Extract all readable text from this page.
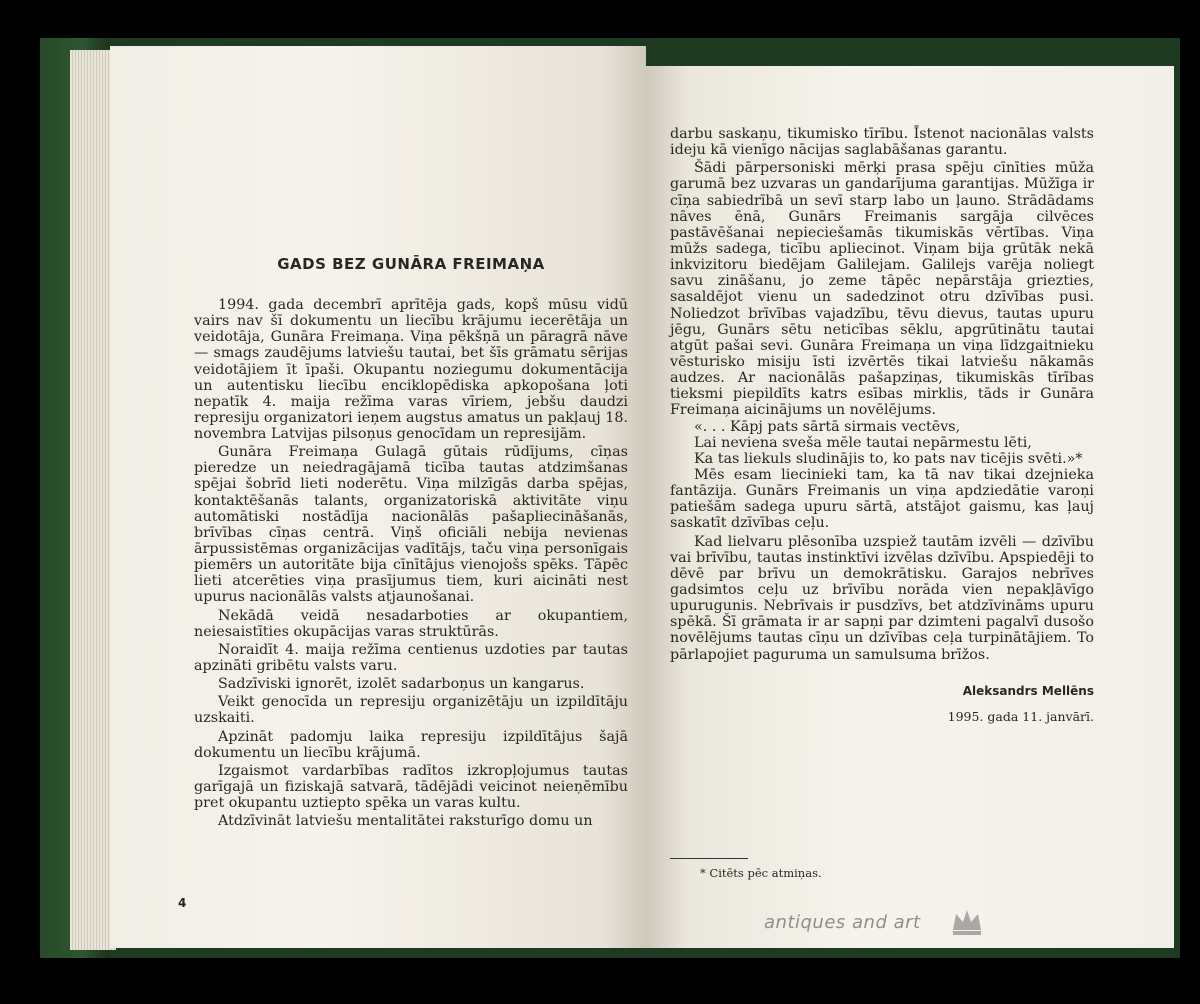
GADS BEZ GUNĀRA FREIMAŅA

1994. gada decembrī aprītēja gads, kopš mūsu vidū vairs nav šī dokumentu un liecību krājumu iecerētāja un veidotāja, Gunāra Freimaņa. Viņa pēkšņā un pāragrā nāve — smags zaudējums latviešu tautai, bet šīs grāmatu sērijas veidotājiem īt īpaši. Okupantu noziegumu dokumentācija un autentisku liecību enciklopēdiska apkopošana ļoti nepatīk 4. maija režīma varas vīriem, jebšu daudzi represiju organizatori ieņem augstus amatus un pakļauj 18. novembra Latvijas pilsoņus genocīdam un represijām.

Gunāra Freimaņa Gulagā gūtais rūdījums, cīņas pieredze un neiedragājamā ticība tautas atdzimšanas spējai šobrīd lieti noderētu. Viņa milzīgās darba spējas, kontaktēšanās talants, organizatoriskā aktivitāte viņu automātiski nostādīja nacionālās pašapliecināšanās, brīvības cīņas centrā. Viņš oficiāli nebija nevienas ārpussistēmas organizācijas vadītājs, taču viņa personīgais piemērs un autoritāte bija cīnītājus vienojošs spēks. Tāpēc lieti atcerēties viņa prasījumus tiem, kuri aicināti nest upurus nacionālās valsts atjaunošanai.

Nekādā veidā nesadarboties ar okupantiem, neiesaistīties okupācijas varas struktūrās.

Noraidīt 4. maija režīma centienus uzdoties par tautas apzināti gribētu valsts varu.

Sadzīviski ignorēt, izolēt sadarboņus un kangarus.

Veikt genocīda un represiju organizētāju un izpildītāju uzskaiti.

Apzināt padomju laika represiju izpildītājus šajā dokumentu un liecību krājumā.

Izgaismot vardarbības radītos izkropļojumus tautas garīgajā un fiziskajā satvarā, tādējādi veicinot neieņēmību pret okupantu uztiepto spēka un varas kultu.

Atdzīvināt latviešu mentalitātei raksturīgo domu un

4

darbu saskaņu, tikumisko tīrību. Īstenot nacionālas valsts ideju kā vienīgo nācijas saglabāšanas garantu.

Šādi pārpersoniski mērķi prasa spēju cīnīties mūža garumā bez uzvaras un gandarījuma garantijas. Mūžīga ir cīņa sabiedrībā un sevī starp labo un ļauno. Strādādams nāves ēnā, Gunārs Freimanis sargāja cilvēces pastāvēšanai nepieciešamās tikumiskās vērtības. Viņa mūžs sadega, ticību apliecinot. Viņam bija grūtāk nekā inkvizitoru biedējam Galilejam. Galilejs varēja noliegt savu zināšanu, jo zeme tāpēc nepārstāja griezties, sasaldējot vienu un sadedzinot otru dzīvības pusi. Noliedzot brīvības vajadzību, tēvu dievus, tautas upuru jēgu, Gunārs sētu neticības sēklu, apgrūtinātu tautai atgūt pašai sevi. Gunāra Freimaņa un viņa līdzgaitnieku vēsturisko misiju īsti izvērtēs tikai latviešu nākamās audzes. Ar nacionālās pašapziņas, tikumiskās tīrības tieksmi piepildīts katrs esības mirklis, tāds ir Gunāra Freimaņa aicinājums un novēlējums.

«. . . Kāpj pats sārtā sirmais vectēvs,

Lai neviena sveša mēle tautai nepārmestu lēti,

Ka tas liekuls sludinājis to, ko pats nav ticējis svēti.»*

Mēs esam liecinieki tam, ka tā nav tikai dzejnieka fantāzija. Gunārs Freimanis un viņa apdziedātie varoņi patiešām sadega upuru sārtā, atstājot gaismu, kas ļauj saskatīt dzīvības ceļu.

Kad lielvaru plēsonība uzspiež tautām izvēli — dzīvību vai brīvību, tautas instinktīvi izvēlas dzīvību. Apspiedēji to dēvē par brīvu un demokrātisku. Garajos nebrīves gadsimtos ceļu uz brīvību norāda vien nepakļāvīgo upurugunis. Nebrīvais ir pusdzīvs, bet atdzīvināms upuru spēkā. Šī grāmata ir ar sapņi par dzimteni pagalvī dusošo novēlējums tautas cīņu un dzīvības ceļa turpinātājiem. To pārlapojiet paguruma un samulsuma brīžos.

Aleksandrs Mellēns
1995. gada 11. janvārī.
* Citēts pēc atmiņas.
antiques and art
